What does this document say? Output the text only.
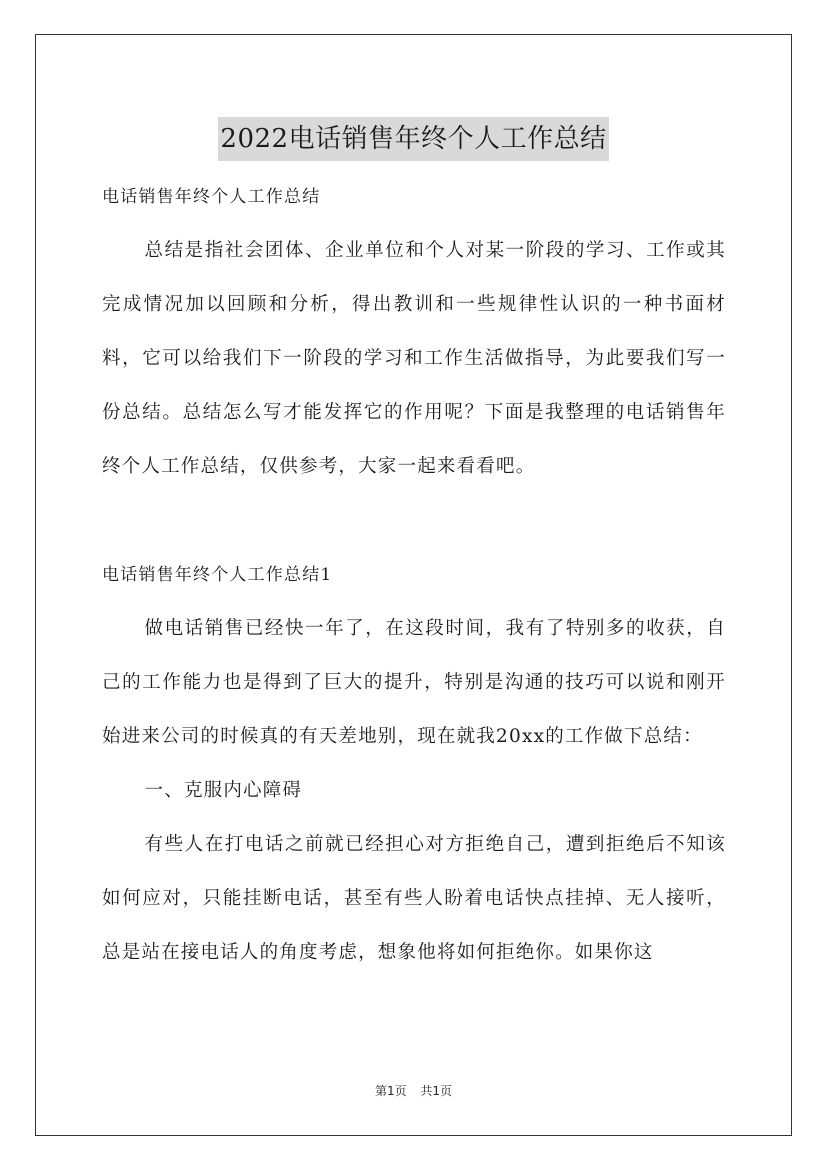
2022电话销售年终个人工作总结

电话销售年终个人工作总结

总结是指社会团体、企业单位和个人对某一阶段的学习、工作或其完成情况加以回顾和分析，得出教训和一些规律性认识的一种书面材料，它可以给我们下一阶段的学习和工作生活做指导，为此要我们写一份总结。总结怎么写才能发挥它的作用呢？下面是我整理的电话销售年终个人工作总结，仅供参考，大家一起来看看吧。

电话销售年终个人工作总结1

做电话销售已经快一年了，在这段时间，我有了特别多的收获，自己的工作能力也是得到了巨大的提升，特别是沟通的技巧可以说和刚开始进来公司的时候真的有天差地别，现在就我20xx的工作做下总结：

一、克服内心障碍

有些人在打电话之前就已经担心对方拒绝自己，遭到拒绝后不知该如何应对，只能挂断电话，甚至有些人盼着电话快点挂掉、无人接听，总是站在接电话人的角度考虑，想象他将如何拒绝你。如果你这

第1页 共1页
